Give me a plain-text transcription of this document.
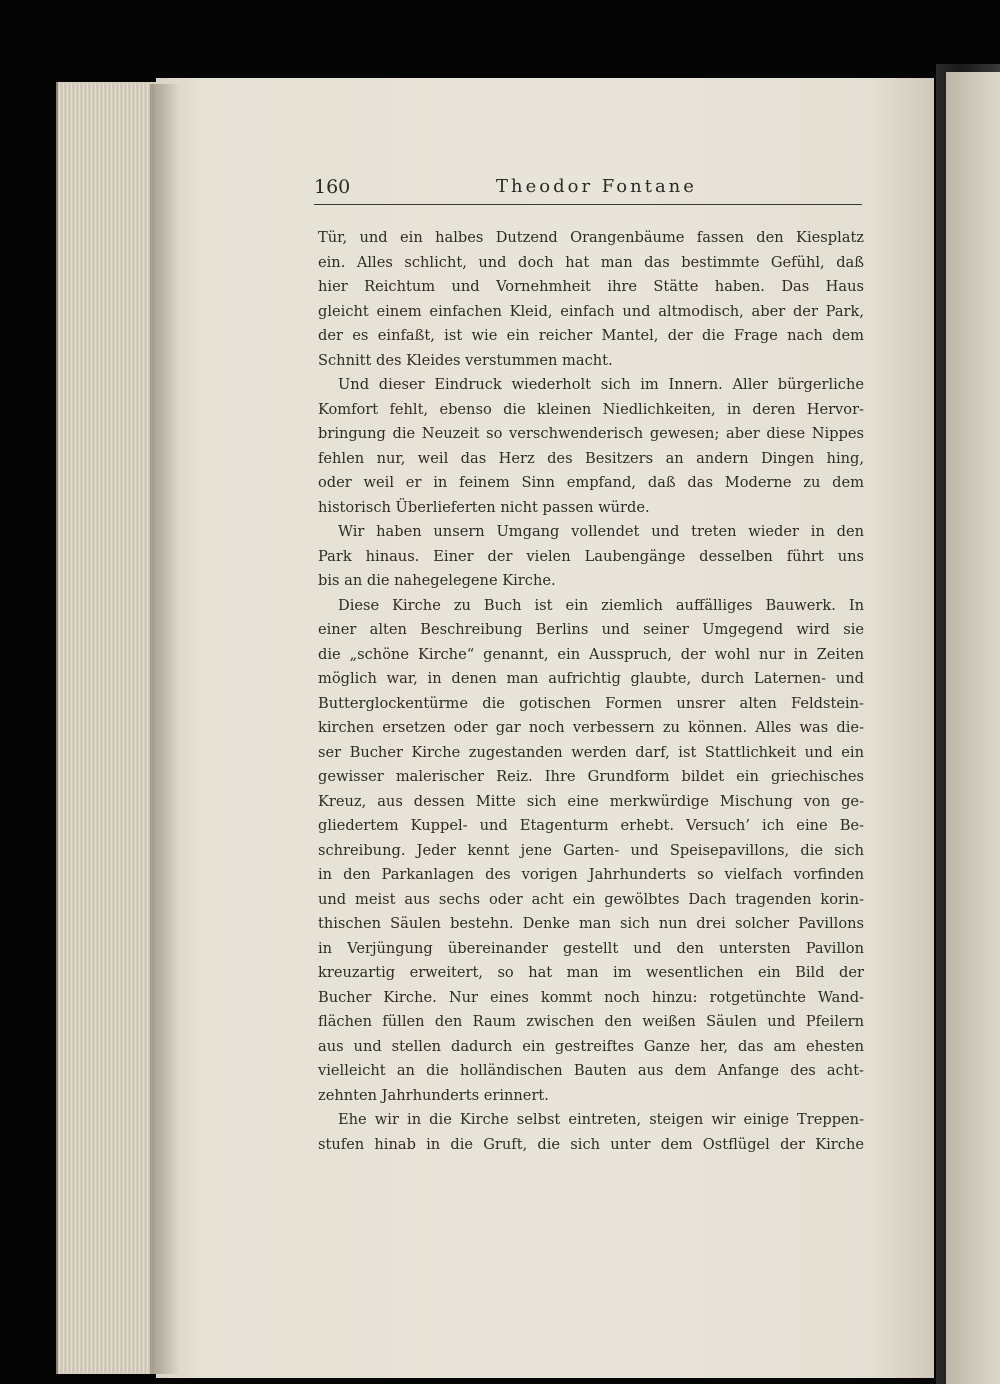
160	Theodor Fontane
Tür, und ein halbes Dutzend Orangenbäume fassen den Kiesplatz
ein. Alles schlicht, und doch hat man das bestimmte Gefühl, daß
hier Reichtum und Vornehmheit ihre Stätte haben. Das Haus
gleicht einem einfachen Kleid, einfach und altmodisch, aber der Park,
der es einfaßt, ist wie ein reicher Mantel, der die Frage nach dem
Schnitt des Kleides verstummen macht.
Und dieser Eindruck wiederholt sich im Innern. Aller bürgerliche
Komfort fehlt, ebenso die kleinen Niedlichkeiten, in deren Hervor-
bringung die Neuzeit so verschwenderisch gewesen; aber diese Nippes
fehlen nur, weil das Herz des Besitzers an andern Dingen hing,
oder weil er in feinem Sinn empfand, daß das Moderne zu dem
historisch Überlieferten nicht passen würde.
Wir haben unsern Umgang vollendet und treten wieder in den
Park hinaus. Einer der vielen Laubengänge desselben führt uns
bis an die nahegelegene Kirche.
Diese Kirche zu Buch ist ein ziemlich auffälliges Bauwerk. In
einer alten Beschreibung Berlins und seiner Umgegend wird sie
die „schöne Kirche“ genannt, ein Ausspruch, der wohl nur in Zeiten
möglich war, in denen man aufrichtig glaubte, durch Laternen- und
Butterglockentürme die gotischen Formen unsrer alten Feldstein-
kirchen ersetzen oder gar noch verbessern zu können. Alles was die-
ser Bucher Kirche zugestanden werden darf, ist Stattlichkeit und ein
gewisser malerischer Reiz. Ihre Grundform bildet ein griechisches
Kreuz, aus dessen Mitte sich eine merkwürdige Mischung von ge-
gliedertem Kuppel- und Etagenturm erhebt. Versuch’ ich eine Be-
schreibung. Jeder kennt jene Garten- und Speisepavillons, die sich
in den Parkanlagen des vorigen Jahrhunderts so vielfach vorfinden
und meist aus sechs oder acht ein gewölbtes Dach tragenden korin-
thischen Säulen bestehn. Denke man sich nun drei solcher Pavillons
in Verjüngung übereinander gestellt und den untersten Pavillon
kreuzartig erweitert, so hat man im wesentlichen ein Bild der
Bucher Kirche. Nur eines kommt noch hinzu: rotgetünchte Wand-
flächen füllen den Raum zwischen den weißen Säulen und Pfeilern
aus und stellen dadurch ein gestreiftes Ganze her, das am ehesten
vielleicht an die holländischen Bauten aus dem Anfange des acht-
zehnten Jahrhunderts erinnert.
Ehe wir in die Kirche selbst eintreten, steigen wir einige Treppen-
stufen hinab in die Gruft, die sich unter dem Ostflügel der Kirche
